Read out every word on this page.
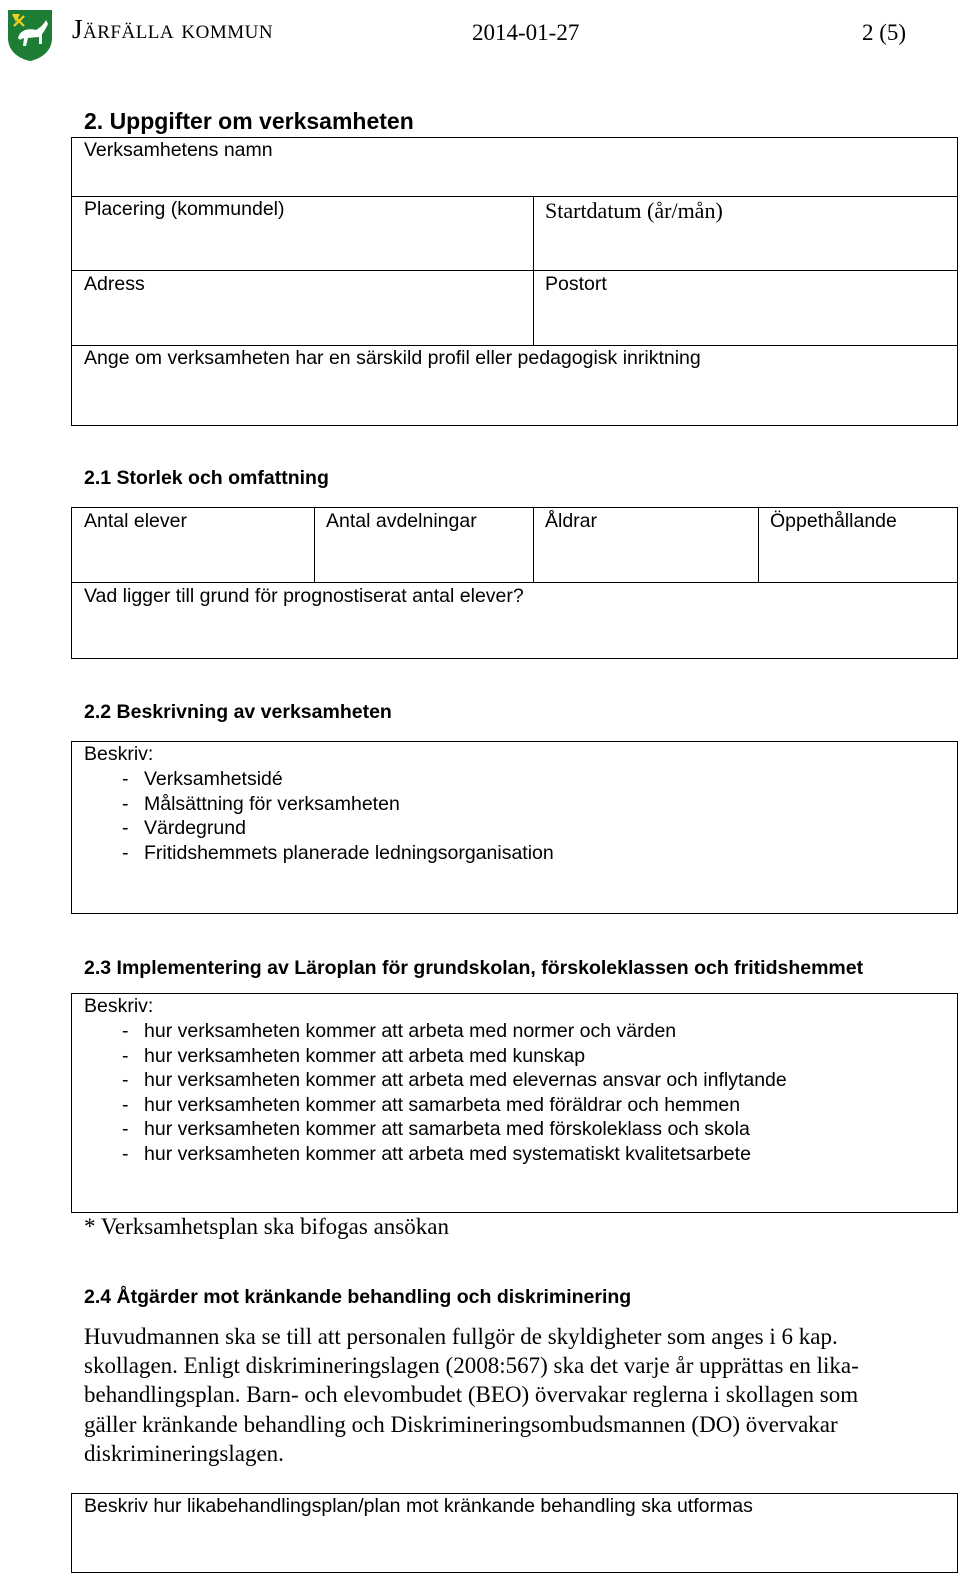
Järfälla kommun	2014-01-27	2 (5)
2. Uppgifter om verksamheten
Verksamhetens namn
Placering (kommundel)	Startdatum (år/mån)
Adress	Postort
Ange om verksamheten har en särskild profil eller pedagogisk inriktning
2.1 Storlek och omfattning
Antal elever	Antal avdelningar	Åldrar	Öppethållande
Vad ligger till grund för prognostiserat antal elever?
2.2 Beskrivning av verksamheten
Beskriv:
- Verksamhetsidé
- Målsättning för verksamheten
- Värdegrund
- Fritidshemmets planerade ledningsorganisation
2.3 Implementering av Läroplan för grundskolan, förskoleklassen och fritidshemmet
Beskriv:
- hur verksamheten kommer att arbeta med normer och värden
- hur verksamheten kommer att arbeta med kunskap
- hur verksamheten kommer att arbeta med elevernas ansvar och inflytande
- hur verksamheten kommer att samarbeta med föräldrar och hemmen
- hur verksamheten kommer att samarbeta med förskoleklass och skola
- hur verksamheten kommer att arbeta med systematiskt kvalitetsarbete
* Verksamhetsplan ska bifogas ansökan
2.4 Åtgärder mot kränkande behandling och diskriminering
Huvudmannen ska se till att personalen fullgör de skyldigheter som anges i 6 kap.
skollagen. Enligt diskrimineringslagen (2008:567) ska det varje år upprättas en lika-
behandlingsplan. Barn- och elevombudet (BEO) övervakar reglerna i skollagen som
gäller kränkande behandling och Diskrimineringsombudsmannen (DO) övervakar
diskrimineringslagen.
Beskriv hur likabehandlingsplan/plan mot kränkande behandling ska utformas
